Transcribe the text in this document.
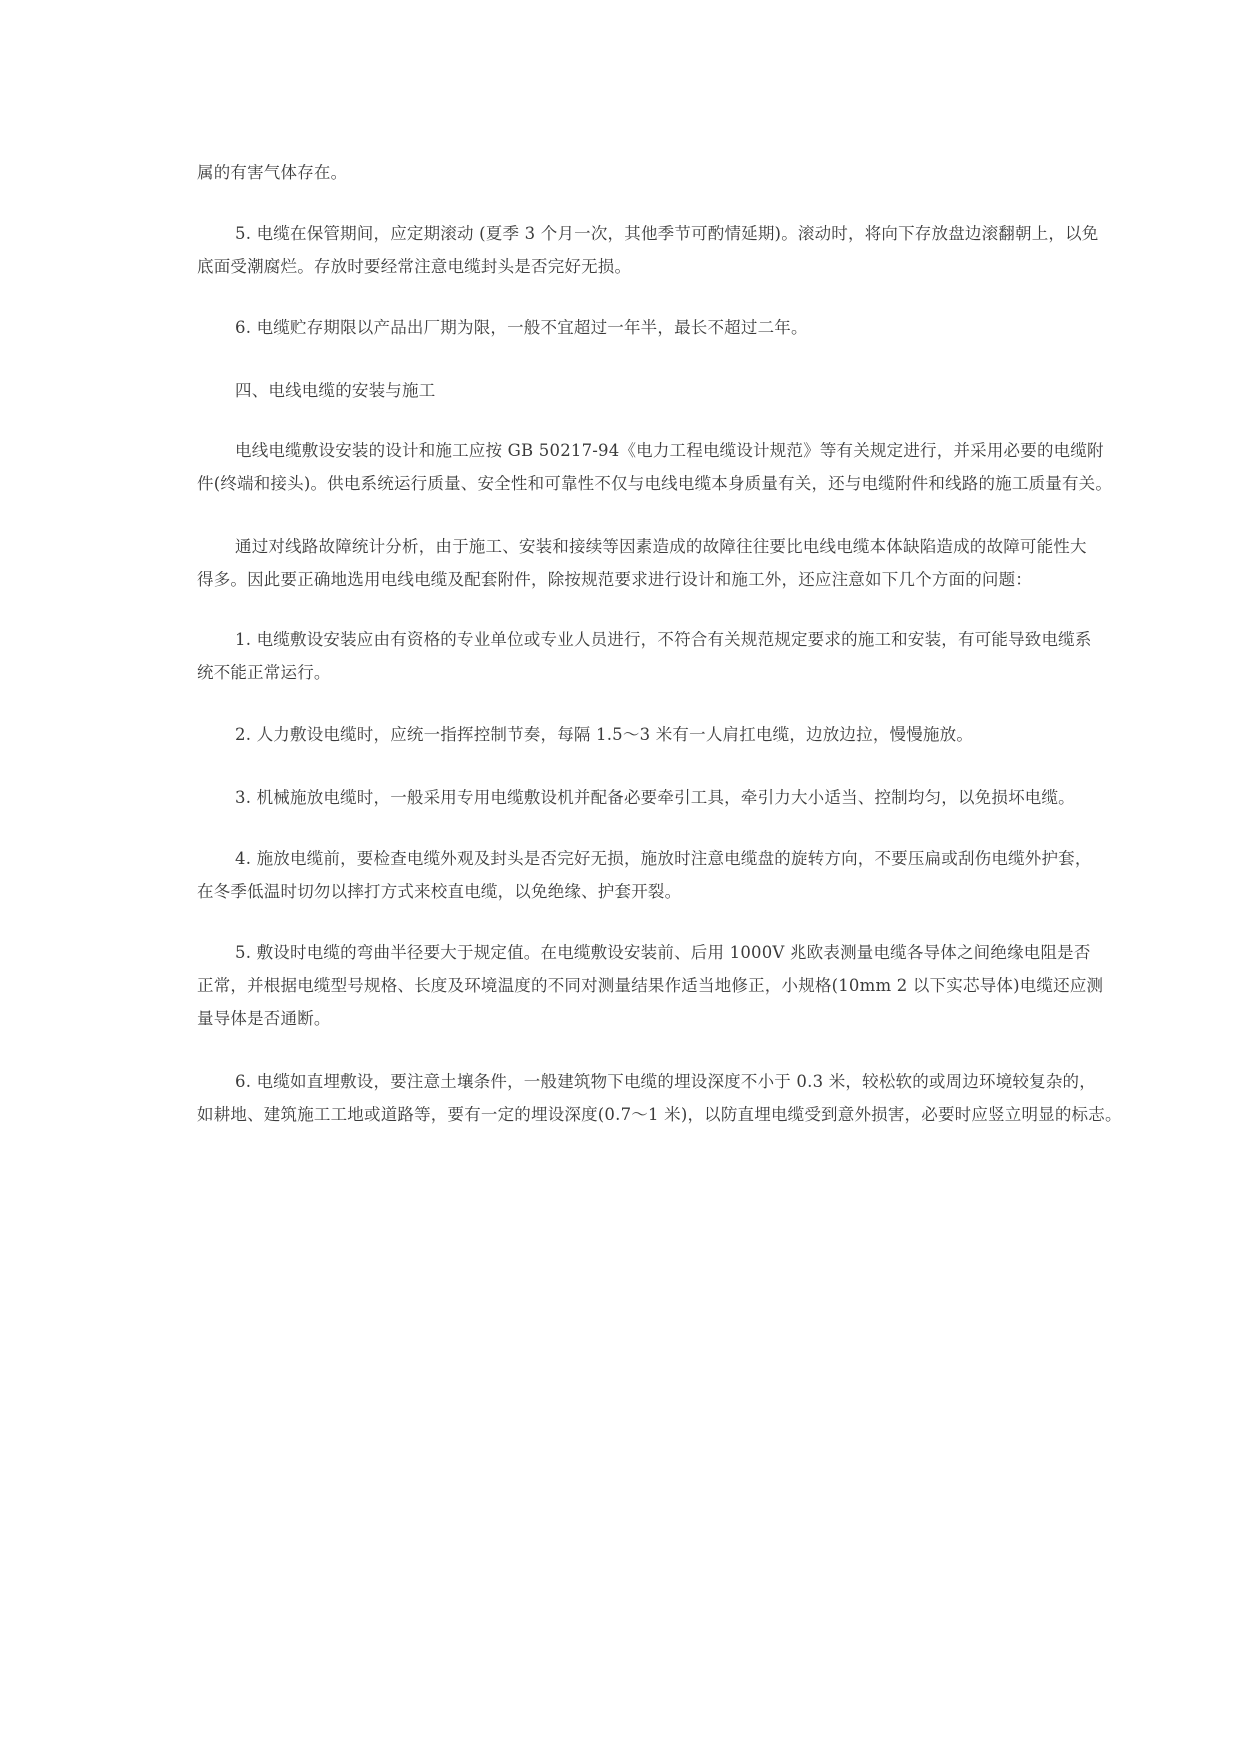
属的有害气体存在。
5. 电缆在保管期间，应定期滚动 (夏季 3 个月一次，其他季节可酌情延期)。滚动时，将向下存放盘边滚翻朝上，以免
底面受潮腐烂。存放时要经常注意电缆封头是否完好无损。
6. 电缆贮存期限以产品出厂期为限，一般不宜超过一年半，最长不超过二年。
四、电线电缆的安装与施工
电线电缆敷设安装的设计和施工应按 GB 50217-94《电力工程电缆设计规范》等有关规定进行，并采用必要的电缆附
件(终端和接头)。供电系统运行质量、安全性和可靠性不仅与电线电缆本身质量有关，还与电缆附件和线路的施工质量有关。
通过对线路故障统计分析，由于施工、安装和接续等因素造成的故障往往要比电线电缆本体缺陷造成的故障可能性大
得多。因此要正确地选用电线电缆及配套附件，除按规范要求进行设计和施工外，还应注意如下几个方面的问题：
1. 电缆敷设安装应由有资格的专业单位或专业人员进行，不符合有关规范规定要求的施工和安装，有可能导致电缆系
统不能正常运行。
2. 人力敷设电缆时，应统一指挥控制节奏，每隔 1.5～3 米有一人肩扛电缆，边放边拉，慢慢施放。
3. 机械施放电缆时，一般采用专用电缆敷设机并配备必要牵引工具，牵引力大小适当、控制均匀，以免损坏电缆。
4. 施放电缆前，要检查电缆外观及封头是否完好无损，施放时注意电缆盘的旋转方向，不要压扁或刮伤电缆外护套，
在冬季低温时切勿以摔打方式来校直电缆，以免绝缘、护套开裂。
5. 敷设时电缆的弯曲半径要大于规定值。在电缆敷设安装前、后用 1000V 兆欧表测量电缆各导体之间绝缘电阻是否
正常，并根据电缆型号规格、长度及环境温度的不同对测量结果作适当地修正，小规格(10mm 2 以下实芯导体)电缆还应测
量导体是否通断。
6. 电缆如直埋敷设，要注意土壤条件，一般建筑物下电缆的埋设深度不小于 0.3 米，较松软的或周边环境较复杂的，
如耕地、建筑施工工地或道路等，要有一定的埋设深度(0.7～1 米)，以防直埋电缆受到意外损害，必要时应竖立明显的标志。
